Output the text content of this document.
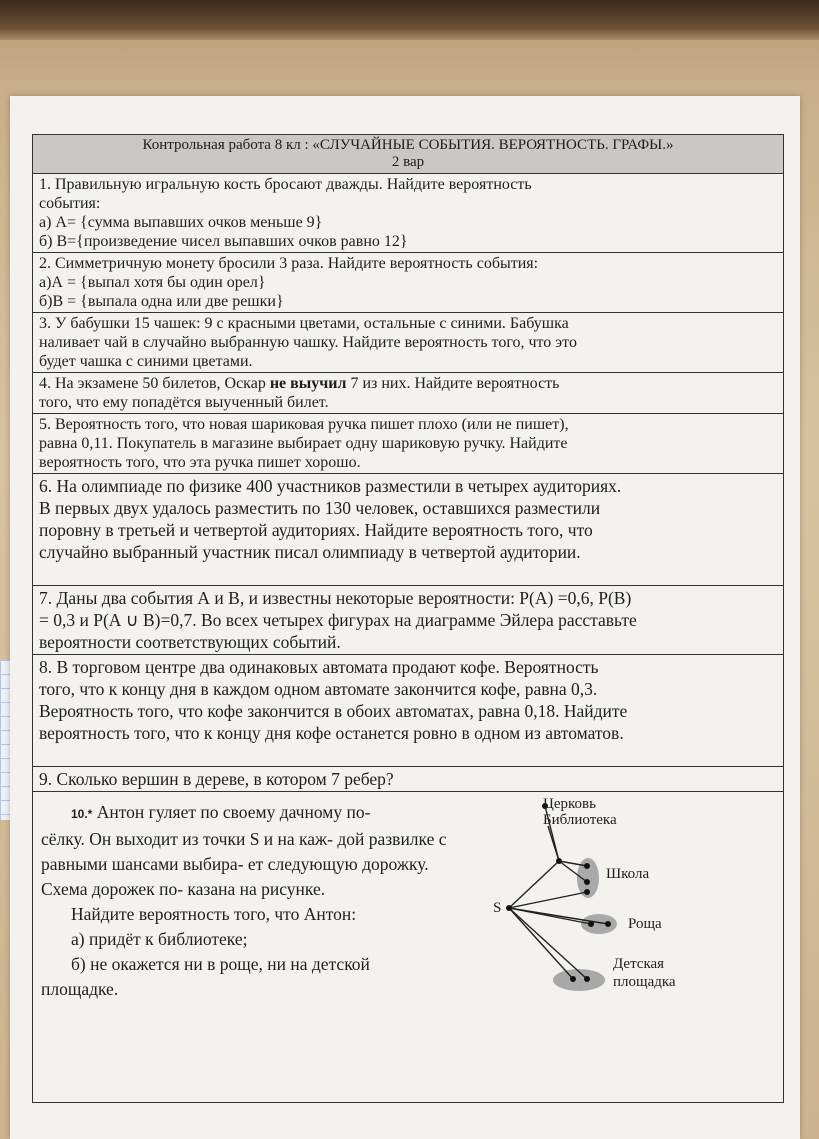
Контрольная работа 8 кл : «СЛУЧАЙНЫЕ СОБЫТИЯ. ВЕРОЯТНОСТЬ. ГРАФЫ.»
2 вар
1. Правильную игральную кость бросают дважды. Найдите вероятность
события:
а) А= {сумма выпавших очков меньше 9}
б) В={произведение чисел выпавших очков равно 12}
2. Симметричную монету бросили 3 раза. Найдите вероятность события:
а)А = {выпал хотя бы один орел}
б)В = {выпала одна или две решки}
3. У бабушки 15 чашек: 9 с красными цветами, остальные с синими. Бабушка
наливает чай в случайно выбранную чашку. Найдите вероятность того, что это
будет чашка с синими цветами.
4. На экзамене 50 билетов, Оскар не выучил 7 из них. Найдите вероятность
того, что ему попадётся выученный билет.
5. Вероятность того, что новая шариковая ручка пишет плохо (или не пишет),
равна 0,11. Покупатель в магазине выбирает одну шариковую ручку. Найдите
вероятность того, что эта ручка пишет хорошо.
6. На олимпиаде по физике 400 участников разместили в четырех аудиториях.
В первых двух удалось разместить по 130 человек, оставшихся разместили
поровну в третьей и четвертой аудиториях. Найдите вероятность того, что
случайно выбранный участник писал олимпиаду в четвертой аудитории.
7. Даны два события А и В, и известны некоторые вероятности: Р(А) =0,6, Р(В)
= 0,3 и Р(А ∪ В)=0,7. Во всех четырех фигурах на диаграмме Эйлера расставьте
вероятности соответствующих событий.
8. В торговом центре два одинаковых автомата продают кофе. Вероятность
того, что к концу дня в каждом одном автомате закончится кофе, равна 0,3.
Вероятность того, что кофе закончится в обоих автоматах, равна 0,18. Найдите
вероятность того, что к концу дня кофе останется ровно в одном из автоматов.
9. Сколько вершин в дереве, в котором 7 ребер?
10.* Антон гуляет по своему дачному по-
сёлку. Он выходит из точки S и на каж- дой развилке с равными шансами выбира- ет следующую дорожку. Схема дорожек по- казана на рисунке.
Найдите вероятность того, что Антон:
а) придёт к библиотеке;
б) не окажется ни в роще, ни на детской
площадке.
S
Церковь
Библиотека
Школа
Роща
Детская
площадка
